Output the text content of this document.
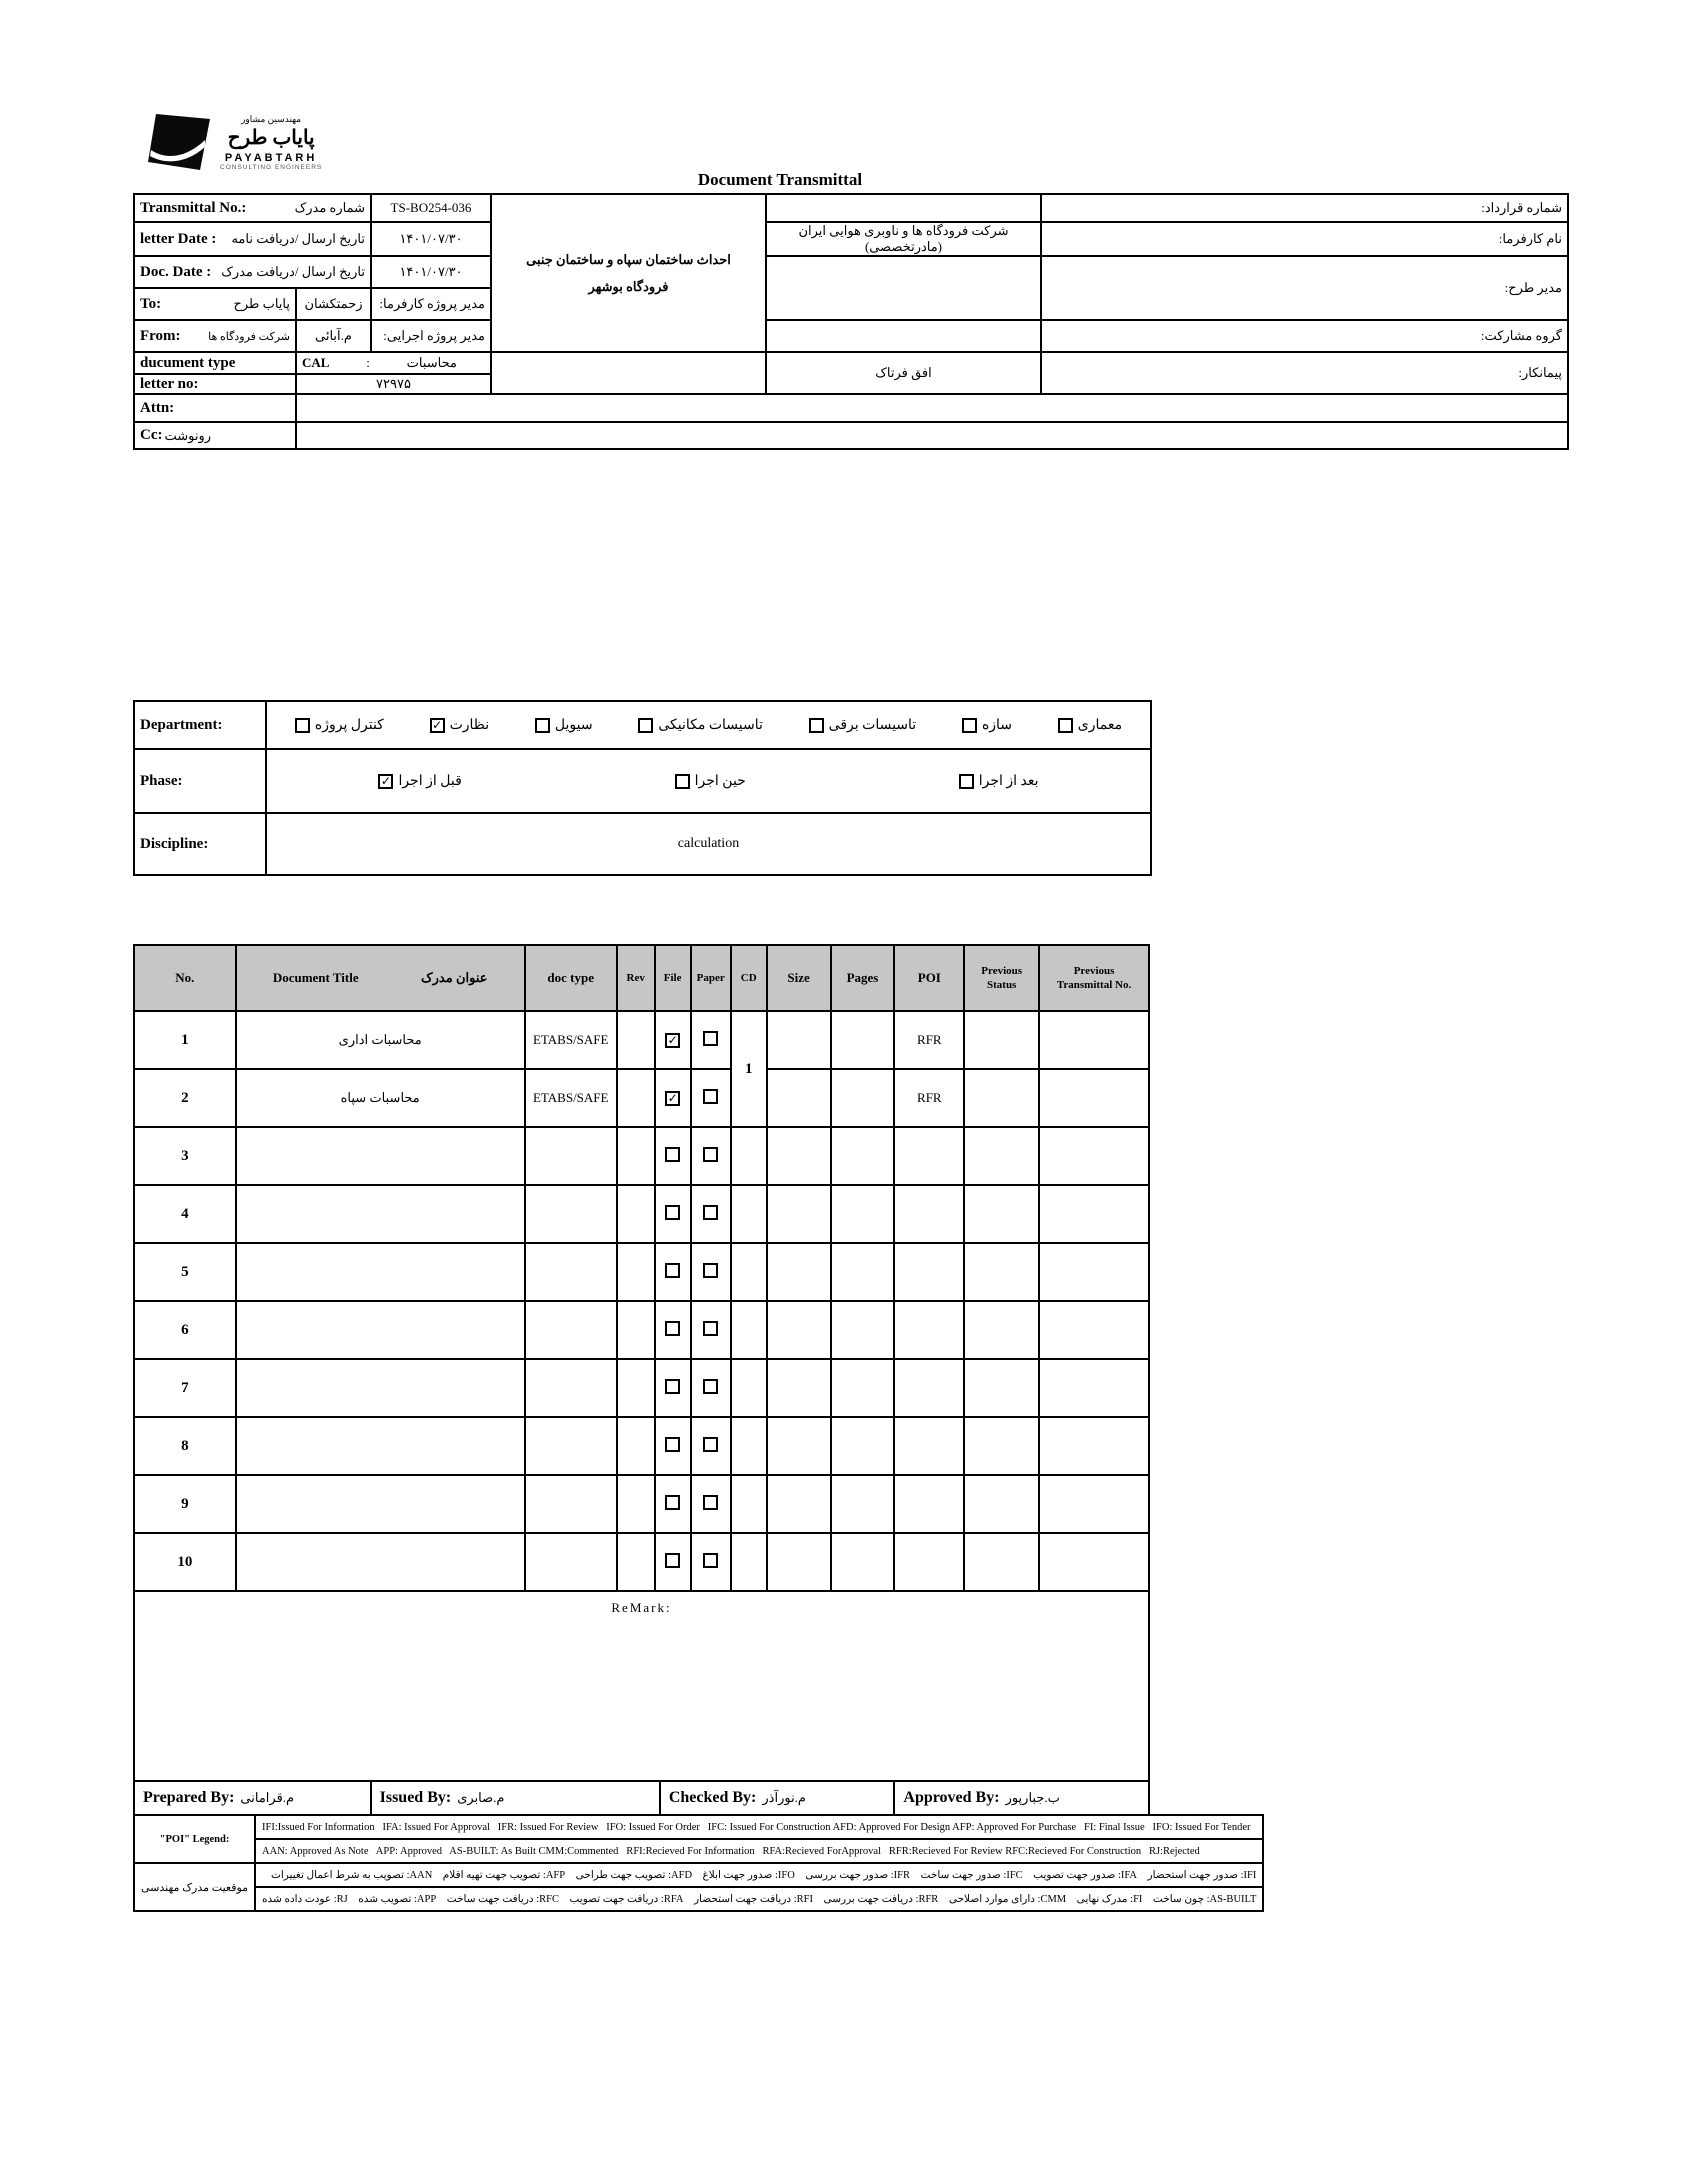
مهندسین مشاور
پایاب طرح
PAYABTARH
CONSULTING ENGINEERS
Document Transmittal
Transmittal No.:	شماره مدرک	TS-BO254-036	
احداث ساختمان سپاه و ساختمان جنبی
فرودگاه بوشهر
		شماره قرارداد:

letter Date : تاریخ ارسال /دریافت نامه		۱۴۰۱/۰۷/۳۰		شرکت فرودگاه ها و ناوبری هوایی ایران (مادرتخصصی)	نام کارفرما:

Doc. Date : تاریخ ارسال /دریافت مدرک		۱۴۰۱/۰۷/۳۰			مدیر طرح:

To: پایاب طرح	زحمتکشان	مدیر پروژه کارفرما:			

From: شرکت فرودگاه ها	م.آبائی	مدیر پروژه اجرایی:			گروه مشارکت:
ducument type	CAL : محاسبات			افق فرتاک	پیمانکار:
letter no:	۷۲۹۷۵				
Attn:					

Cc: رونوشت					

Department:	کنترل پروژه	✓ نظارت	سیویل	تاسیسات مکانیکی	تاسیسات برقی	سازه	معماری

Phase:	✓ قبل از اجرا حین اجرا بعد از اجرا

Discipline:	calculation
No.	Document Title عنوان مدرک	doc type	Rev	File	Paper	CD	Size	Pages	POI	Previous Status	Previous Transmittal No.
1	محاسبات اداری	ETABS/SAFE		✓		1			RFR		
2	محاسبات سپاه	ETABS/SAFE		✓					RFR		
3											
4											
5											
6											
7											
8											
9											
10											
ReMark:											
Prepared By: م.قرامانی	Issued By: م.صابری	Checked By: م.نورآذر	Approved By: ب.جبارپور
"POI" Legend:	IFI:Issued For Information   IFA: Issued For Approval   IFR: Issued For Review   IFO: Issued For Order   IFC: Issued For Construction AFD: Approved For Design AFP: Approved For Purchase   FI: Final Issue   IFO: Issued For Tender
	AAN: Approved As Note   APP: Approved   AS-BUILT: As Built CMM:Commented   RFI:Recieved For Information   RFA:Recieved ForApproval   RFR:Recieved For Review RFC:Recieved For Construction   RJ:Rejected
موقعیت مدرک مهندسی	IFI: صدور جهت استحضار    IFA: صدور جهت تصویب    IFC: صدور جهت ساخت    IFR: صدور جهت بررسی    IFO: صدور جهت ابلاغ    AFD: تصویب جهت طراحی    AFP: تصویب جهت تهیه اقلام    AAN: تصویب به شرط اعمال تغییرات
	AS-BUILT: چون ساخت    FI: مدرک نهایی    CMM: دارای موارد اصلاحی    RFR: دریافت جهت بررسی    RFI: دریافت جهت استحضار    RFA: دریافت جهت تصویب    RFC: دریافت جهت ساخت    APP: تصویب شده    RJ: عودت داده شده
